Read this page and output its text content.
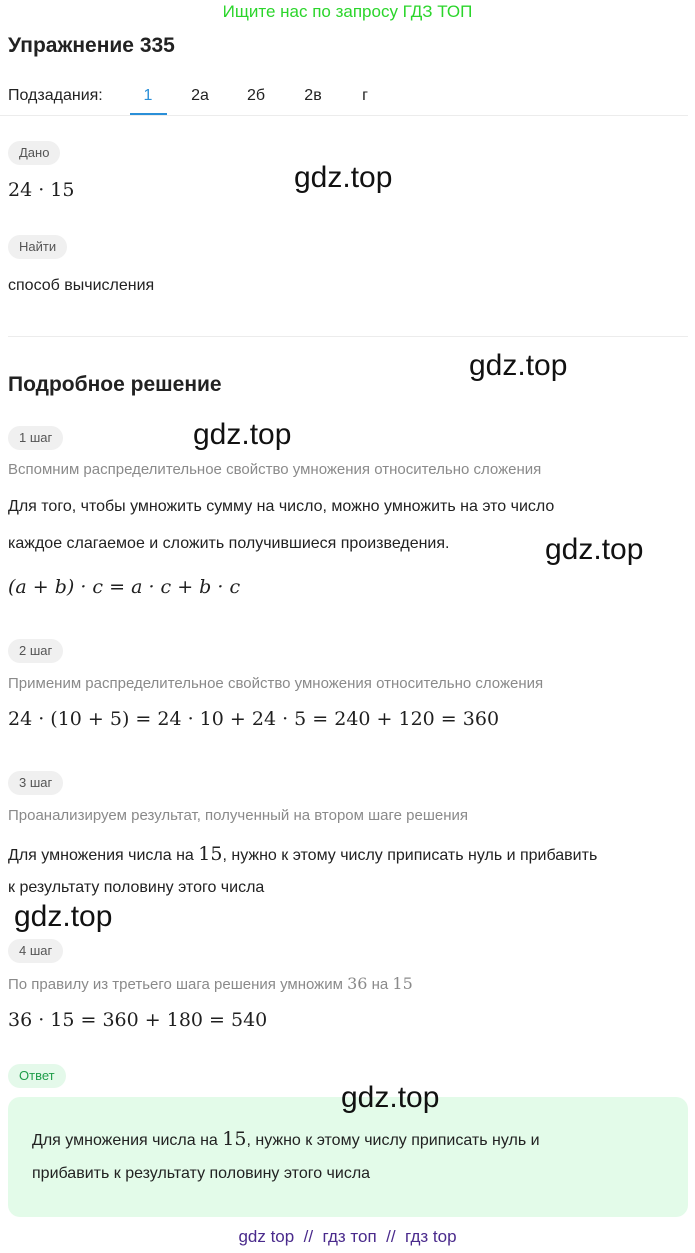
Ищите нас по запросу ГДЗ ТОП
Упражнение 335
Подзадания:	1	2а	2б	2в	г
Дано
24 · 15
Найти
способ вычисления
Подробное решение
1 шаг
Вспомним распределительное свойство умножения относительно сложения
Для того, чтобы умножить сумму на число, можно умножить на это число
каждое слагаемое и сложить получившиеся произведения.
(a + b) · c = a · c + b · c
2 шаг
Применим распределительное свойство умножения относительно сложения
24 · (10 + 5) = 24 · 10 + 24 · 5 = 240 + 120 = 360
3 шаг
Проанализируем результат, полученный на втором шаге решения
Для умножения числа на 15, нужно к этому числу приписать нуль и прибавить
к результату половину этого числа
4 шаг
По правилу из третьего шага решения умножим 36 на 15
36 · 15 = 360 + 180 = 540
Ответ
Для умножения числа на 15, нужно к этому числу приписать нуль и
прибавить к результату половину этого числа
gdz.top
gdz.top
gdz.top
gdz.top
gdz.top
gdz.top
gdz top  //  гдз топ  //  гдз top
